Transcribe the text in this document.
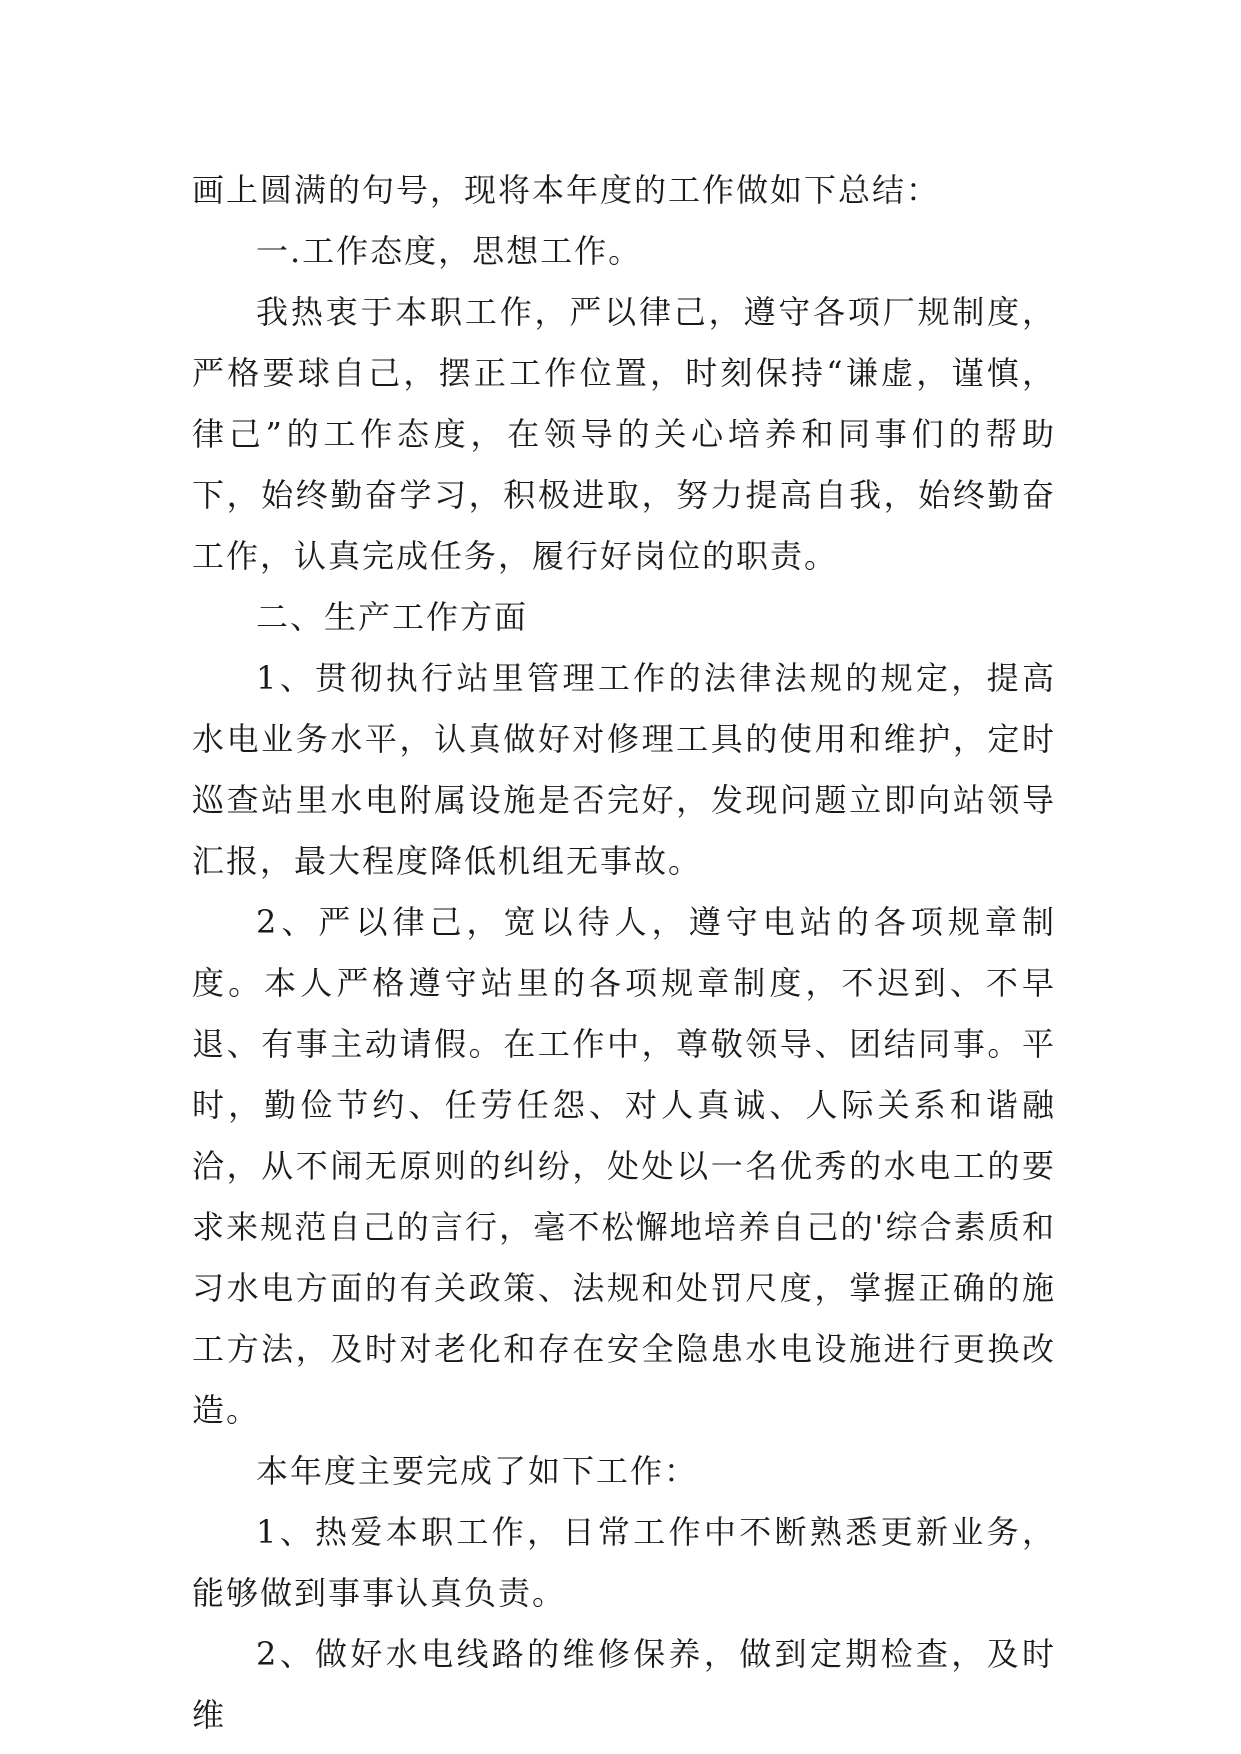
画上圆满的句号，现将本年度的工作做如下总结：

一.工作态度，思想工作。

我热衷于本职工作，严以律己，遵守各项厂规制度，严格要球自己，摆正工作位置，时刻保持“谦虚，谨慎，律己”的工作态度，在领导的关心培养和同事们的帮助下，始终勤奋学习，积极进取，努力提高自我，始终勤奋工作，认真完成任务，履行好岗位的职责。

二、生产工作方面

1、贯彻执行站里管理工作的法律法规的规定，提高水电业务水平，认真做好对修理工具的使用和维护，定时巡查站里水电附属设施是否完好，发现问题立即向站领导汇报，最大程度降低机组无事故。

2、严以律己，宽以待人，遵守电站的各项规章制度。本人严格遵守站里的各项规章制度，不迟到、不早退、有事主动请假。在工作中，尊敬领导、团结同事。平时，勤俭节约、任劳任怨、对人真诚、人际关系和谐融洽，从不闹无原则的纠纷，处处以一名优秀的水电工的要求来规范自己的言行，毫不松懈地培养自己的'综合素质和习水电方面的有关政策、法规和处罚尺度，掌握正确的施工方法，及时对老化和存在安全隐患水电设施进行更换改造。

本年度主要完成了如下工作：

1、热爱本职工作，日常工作中不断熟悉更新业务，能够做到事事认真负责。

2、做好水电线路的维修保养，做到定期检查，及时维
